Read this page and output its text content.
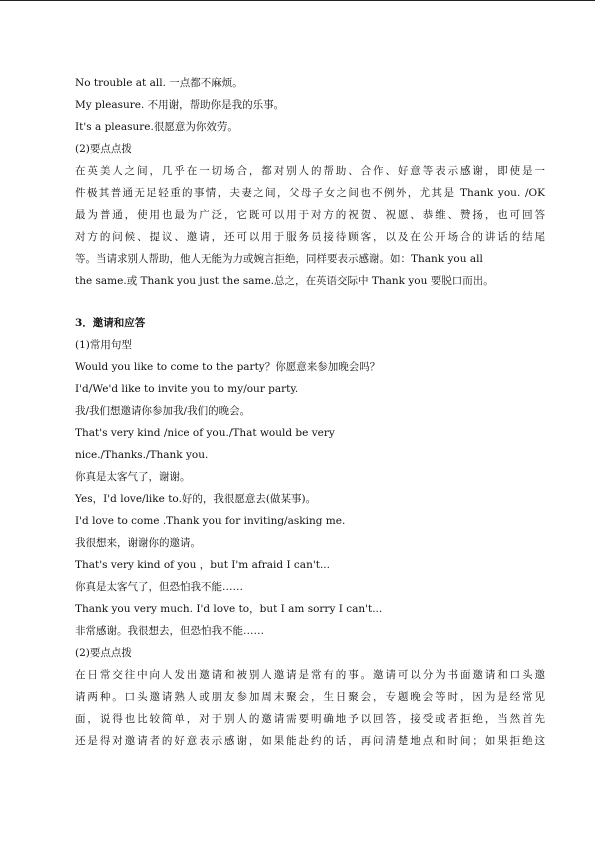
No trouble at all. 一点都不麻烦。
My pleasure. 不用谢，帮助你是我的乐事。
It's a pleasure.很愿意为你效劳。
(2)要点点拨
在英美人之间，几乎在一切场合，都对别人的帮助、合作、好意等表示感谢，即使是一
件极其普通无足轻重的事情，夫妻之间，父母子女之间也不例外，尤其是 Thank you. /OK
最为普通，使用也最为广泛，它既可以用于对方的祝贺、祝愿、恭维、赞扬，也可回答
对方的问候、提议、邀请，还可以用于服务员接待顾客，以及在公开场合的讲话的结尾
等。当请求别人帮助，他人无能为力或婉言拒绝，同样要表示感谢。如：Thank you all
the same.或 Thank you just the same.总之，在英语交际中 Thank you 要脱口而出。
3．邀请和应答
(1)常用句型
Would you like to come to the party？你愿意来参加晚会吗？
I'd/We'd like to invite you to my/our party.
我/我们想邀请你参加我/我们的晚会。
That's very kind /nice of you./That would be very
nice./Thanks./Thank you.
你真是太客气了，谢谢。
Yes，I'd love/like to.好的，我很愿意去(做某事)。
I'd love to come .Thank you for inviting/asking me.
我很想来，谢谢你的邀请。
That's very kind of you ，but I'm afraid I can't...
你真是太客气了，但恐怕我不能……
Thank you very much. I'd love to，but I am sorry I can't...
非常感谢。我很想去，但恐怕我不能……
(2)要点点拨
在日常交往中向人发出邀请和被别人邀请是常有的事。邀请可以分为书面邀请和口头邀
请两种。口头邀请熟人或朋友参加周末聚会，生日聚会，专题晚会等时，因为是经常见
面，说得也比较简单，对于别人的邀请需要明确地予以回答，接受或者拒绝，当然首先
还是得对邀请者的好意表示感谢，如果能赴约的话，再问清楚地点和时间；如果拒绝这
